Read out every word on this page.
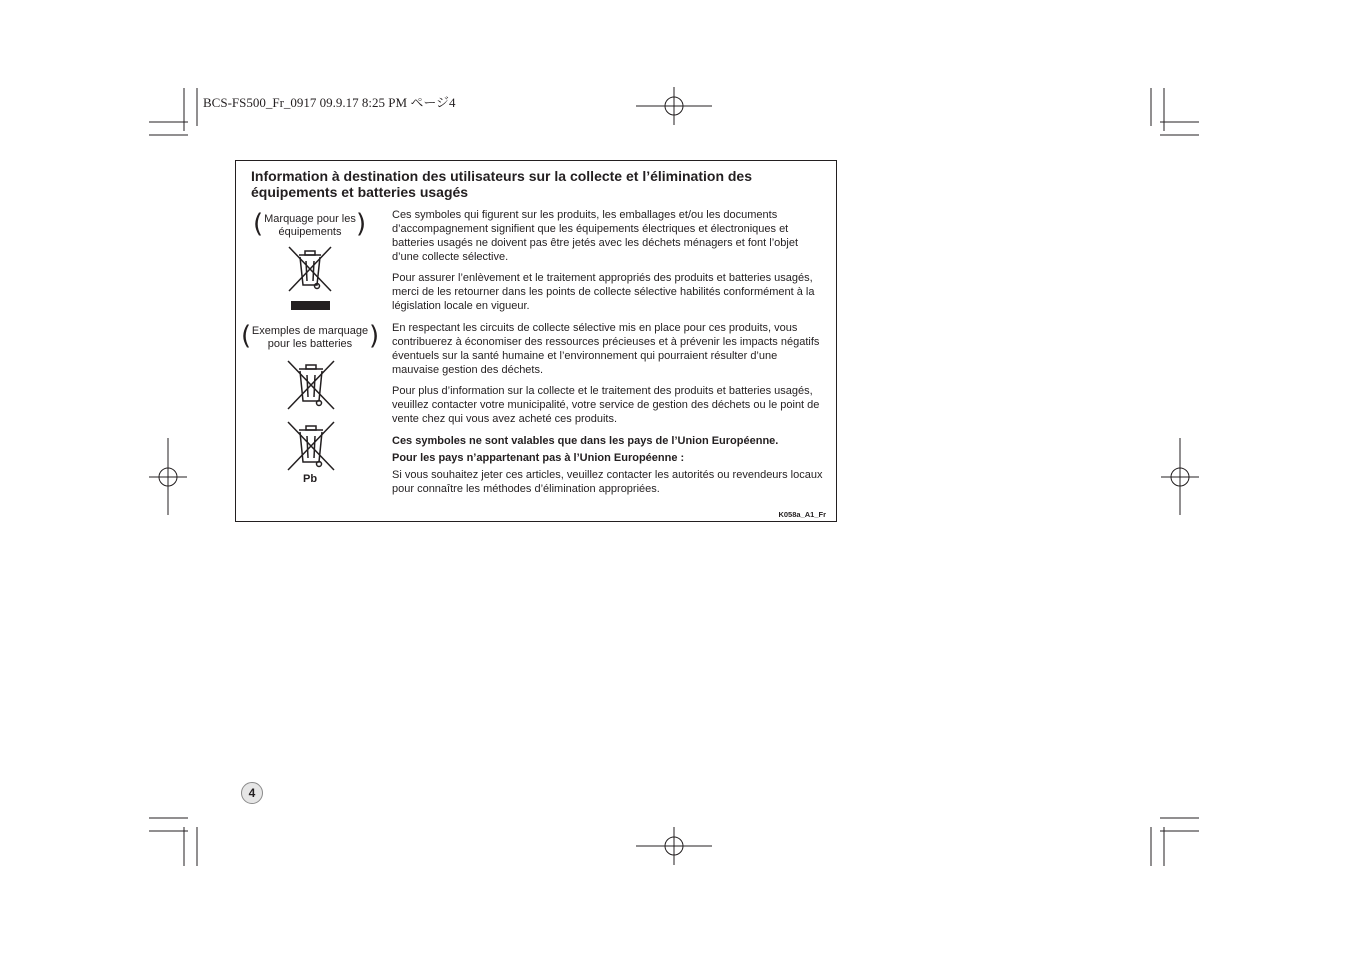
BCS-FS500_Fr_0917 09.9.17 8:25 PM ページ4
Information à destination des utilisateurs sur la collecte et l’élimination des équipements et batteries usagés
(	)
Marquage pour les
équipements
(	)
Exemples de marquage
pour les batteries
Pb

Ces symboles qui figurent sur les produits, les emballages et/ou les documents d’accompagnement signifient que les équipements électriques et électroniques et batteries usagés ne doivent pas être jetés avec les déchets ménagers et font l’objet d’une collecte sélective.

Pour assurer l’enlèvement et le traitement appropriés des produits et batteries usagés, merci de les retourner dans les points de collecte sélective habilités conformément à la législation locale en vigueur.

En respectant les circuits de collecte sélective mis en place pour ces produits, vous contribuerez à économiser des ressources précieuses et à prévenir les impacts négatifs éventuels sur la santé humaine et l’environnement qui pourraient résulter d’une mauvaise gestion des déchets.

Pour plus d’information sur la collecte et le traitement des produits et batteries usagés, veuillez contacter votre municipalité, votre service de gestion des déchets ou le point de vente chez qui vous avez acheté ces produits.

Ces symboles ne sont valables que dans les pays de l’Union Européenne.

Pour les pays n’appartenant pas à l’Union Européenne :

Si vous souhaitez jeter ces articles, veuillez contacter les autorités ou revendeurs locaux pour connaître les méthodes d’élimination appropriées.

K058a_A1_Fr
4
